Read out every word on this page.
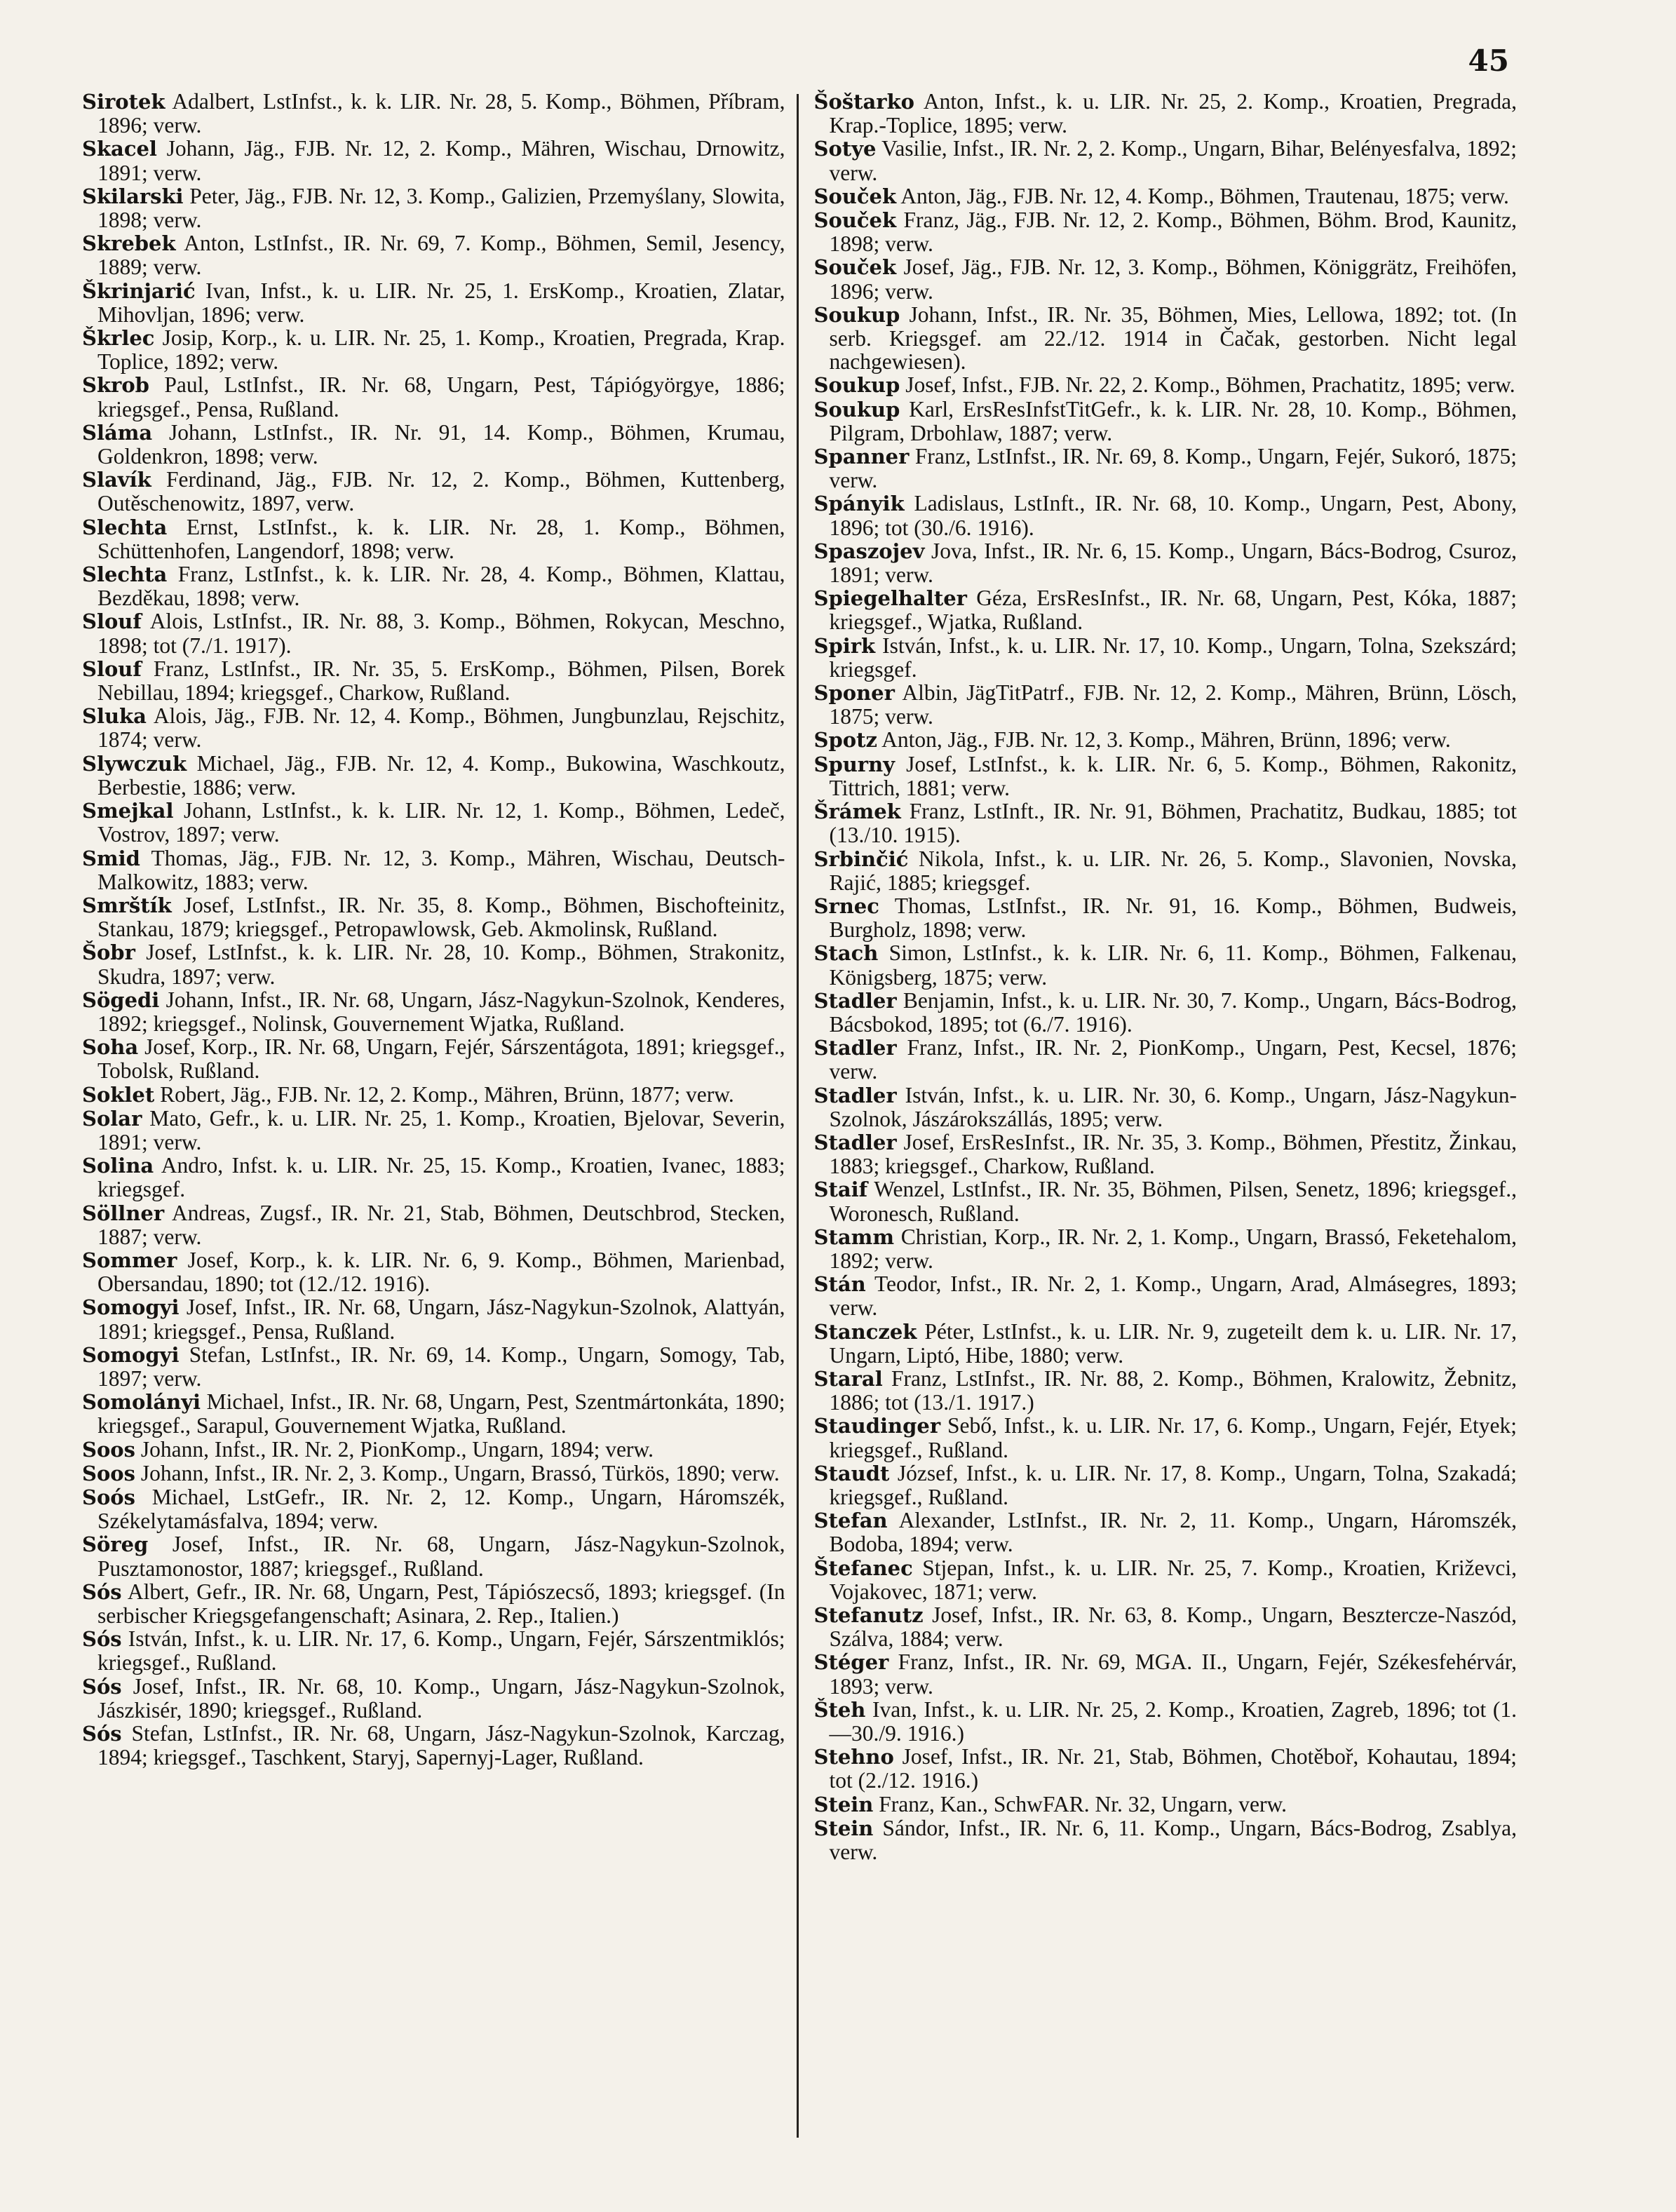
45

Sirotek Adalbert, LstInfst., k. k. LIR. Nr. 28, 5. Komp., Böhmen, Příbram, 1896; verw.

Skacel Johann, Jäg., FJB. Nr. 12, 2. Komp., Mähren, Wischau, Drnowitz, 1891; verw.

Skilarski Peter, Jäg., FJB. Nr. 12, 3. Komp., Galizien, Przemyślany, Slowita, 1898; verw.

Skrebek Anton, LstInfst., IR. Nr. 69, 7. Komp., Böhmen, Semil, Jesency, 1889; verw.

Škrinjarić Ivan, Infst., k. u. LIR. Nr. 25, 1. ErsKomp., Kroatien, Zlatar, Mihovljan, 1896; verw.

Škrlec Josip, Korp., k. u. LIR. Nr. 25, 1. Komp., Kroatien, Pregrada, Krap. Toplice, 1892; verw.

Skrob Paul, LstInfst., IR. Nr. 68, Ungarn, Pest, Tápiógyörgye, 1886; kriegsgef., Pensa, Rußland.

Sláma Johann, LstInfst., IR. Nr. 91, 14. Komp., Böhmen, Krumau, Goldenkron, 1898; verw.

Slavík Ferdinand, Jäg., FJB. Nr. 12, 2. Komp., Böhmen, Kuttenberg, Outěschenowitz, 1897, verw.

Slechta Ernst, LstInfst., k. k. LIR. Nr. 28, 1. Komp., Böhmen, Schüttenhofen, Langendorf, 1898; verw.

Slechta Franz, LstInfst., k. k. LIR. Nr. 28, 4. Komp., Böhmen, Klattau, Bezděkau, 1898; verw.

Slouf Alois, LstInfst., IR. Nr. 88, 3. Komp., Böhmen, Rokycan, Meschno, 1898; tot (7./1. 1917).

Slouf Franz, LstInfst., IR. Nr. 35, 5. ErsKomp., Böhmen, Pilsen, Borek Nebillau, 1894; kriegsgef., Charkow, Rußland.

Sluka Alois, Jäg., FJB. Nr. 12, 4. Komp., Böhmen, Jungbunzlau, Rejschitz, 1874; verw.

Slywczuk Michael, Jäg., FJB. Nr. 12, 4. Komp., Bukowina, Waschkoutz, Berbestie, 1886; verw.

Smejkal Johann, LstInfst., k. k. LIR. Nr. 12, 1. Komp., Böhmen, Ledeč, Vostrov, 1897; verw.

Smid Thomas, Jäg., FJB. Nr. 12, 3. Komp., Mähren, Wischau, Deutsch-Malkowitz, 1883; verw.

Smrštík Josef, LstInfst., IR. Nr. 35, 8. Komp., Böhmen, Bischofteinitz, Stankau, 1879; kriegsgef., Petropawlowsk, Geb. Akmolinsk, Rußland.

Šobr Josef, LstInfst., k. k. LIR. Nr. 28, 10. Komp., Böhmen, Strakonitz, Skudra, 1897; verw.

Sögedi Johann, Infst., IR. Nr. 68, Ungarn, Jász-Nagykun-Szolnok, Kenderes, 1892; kriegsgef., Nolinsk, Gouvernement Wjatka, Rußland.

Soha Josef, Korp., IR. Nr. 68, Ungarn, Fejér, Sárszentágota, 1891; kriegsgef., Tobolsk, Rußland.

Soklet Robert, Jäg., FJB. Nr. 12, 2. Komp., Mähren, Brünn, 1877; verw.

Solar Mato, Gefr., k. u. LIR. Nr. 25, 1. Komp., Kroatien, Bjelovar, Severin, 1891; verw.

Solina Andro, Infst. k. u. LIR. Nr. 25, 15. Komp., Kroatien, Ivanec, 1883; kriegsgef.

Söllner Andreas, Zugsf., IR. Nr. 21, Stab, Böhmen, Deutschbrod, Stecken, 1887; verw.

Sommer Josef, Korp., k. k. LIR. Nr. 6, 9. Komp., Böhmen, Marienbad, Obersandau, 1890; tot (12./12. 1916).

Somogyi Josef, Infst., IR. Nr. 68, Ungarn, Jász-Nagykun-Szolnok, Alattyán, 1891; kriegsgef., Pensa, Rußland.

Somogyi Stefan, LstInfst., IR. Nr. 69, 14. Komp., Ungarn, Somogy, Tab, 1897; verw.

Somolányi Michael, Infst., IR. Nr. 68, Ungarn, Pest, Szentmártonkáta, 1890; kriegsgef., Sarapul, Gouvernement Wjatka, Rußland.

Soos Johann, Infst., IR. Nr. 2, PionKomp., Ungarn, 1894; verw.

Soos Johann, Infst., IR. Nr. 2, 3. Komp., Ungarn, Brassó, Türkös, 1890; verw.

Soós Michael, LstGefr., IR. Nr. 2, 12. Komp., Ungarn, Háromszék, Székelytamásfalva, 1894; verw.

Söreg Josef, Infst., IR. Nr. 68, Ungarn, Jász-Nagykun-Szolnok, Pusztamonostor, 1887; kriegsgef., Rußland.

Sós Albert, Gefr., IR. Nr. 68, Ungarn, Pest, Tápiószecső, 1893; kriegsgef. (In serbischer Kriegsgefangenschaft; Asinara, 2. Rep., Italien.)

Sós István, Infst., k. u. LIR. Nr. 17, 6. Komp., Ungarn, Fejér, Sárszentmiklós; kriegsgef., Rußland.

Sós Josef, Infst., IR. Nr. 68, 10. Komp., Ungarn, Jász-Nagykun-Szolnok, Jászkisér, 1890; kriegsgef., Rußland.

Sós Stefan, LstInfst., IR. Nr. 68, Ungarn, Jász-Nagykun-Szolnok, Karczag, 1894; kriegsgef., Taschkent, Staryj, Sapernyj-Lager, Rußland.

Šoštarko Anton, Infst., k. u. LIR. Nr. 25, 2. Komp., Kroatien, Pregrada, Krap.-Toplice, 1895; verw.

Sotye Vasilie, Infst., IR. Nr. 2, 2. Komp., Ungarn, Bihar, Belényesfalva, 1892; verw.

Souček Anton, Jäg., FJB. Nr. 12, 4. Komp., Böhmen, Trautenau, 1875; verw.

Souček Franz, Jäg., FJB. Nr. 12, 2. Komp., Böhmen, Böhm. Brod, Kaunitz, 1898; verw.

Souček Josef, Jäg., FJB. Nr. 12, 3. Komp., Böhmen, Königgrätz, Freihöfen, 1896; verw.

Soukup Johann, Infst., IR. Nr. 35, Böhmen, Mies, Lellowa, 1892; tot. (In serb. Kriegsgef. am 22./12. 1914 in Čačak, gestorben. Nicht legal nachgewiesen).

Soukup Josef, Infst., FJB. Nr. 22, 2. Komp., Böhmen, Prachatitz, 1895; verw.

Soukup Karl, ErsResInfstTitGefr., k. k. LIR. Nr. 28, 10. Komp., Böhmen, Pilgram, Drbohlaw, 1887; verw.

Spanner Franz, LstInfst., IR. Nr. 69, 8. Komp., Ungarn, Fejér, Sukoró, 1875; verw.

Spányik Ladislaus, LstInft., IR. Nr. 68, 10. Komp., Ungarn, Pest, Abony, 1896; tot (30./6. 1916).

Spaszojev Jova, Infst., IR. Nr. 6, 15. Komp., Ungarn, Bács-Bodrog, Csuroz, 1891; verw.

Spiegelhalter Géza, ErsResInfst., IR. Nr. 68, Ungarn, Pest, Kóka, 1887; kriegsgef., Wjatka, Rußland.

Spirk István, Infst., k. u. LIR. Nr. 17, 10. Komp., Ungarn, Tolna, Szekszárd; kriegsgef.

Sponer Albin, JägTitPatrf., FJB. Nr. 12, 2. Komp., Mähren, Brünn, Lösch, 1875; verw.

Spotz Anton, Jäg., FJB. Nr. 12, 3. Komp., Mähren, Brünn, 1896; verw.

Spurny Josef, LstInfst., k. k. LIR. Nr. 6, 5. Komp., Böhmen, Rakonitz, Tittrich, 1881; verw.

Šrámek Franz, LstInft., IR. Nr. 91, Böhmen, Prachatitz, Budkau, 1885; tot (13./10. 1915).

Srbinčić Nikola, Infst., k. u. LIR. Nr. 26, 5. Komp., Slavonien, Novska, Rajić, 1885; kriegsgef.

Srnec Thomas, LstInfst., IR. Nr. 91, 16. Komp., Böhmen, Budweis, Burgholz, 1898; verw.

Stach Simon, LstInfst., k. k. LIR. Nr. 6, 11. Komp., Böhmen, Falkenau, Königsberg, 1875; verw.

Stadler Benjamin, Infst., k. u. LIR. Nr. 30, 7. Komp., Ungarn, Bács-Bodrog, Bácsbokod, 1895; tot (6./7. 1916).

Stadler Franz, Infst., IR. Nr. 2, PionKomp., Ungarn, Pest, Kecsel, 1876; verw.

Stadler István, Infst., k. u. LIR. Nr. 30, 6. Komp., Ungarn, Jász-Nagykun-Szolnok, Jászárokszállás, 1895; verw.

Stadler Josef, ErsResInfst., IR. Nr. 35, 3. Komp., Böhmen, Přestitz, Žinkau, 1883; kriegsgef., Charkow, Rußland.

Staif Wenzel, LstInfst., IR. Nr. 35, Böhmen, Pilsen, Senetz, 1896; kriegsgef., Woronesch, Rußland.

Stamm Christian, Korp., IR. Nr. 2, 1. Komp., Ungarn, Brassó, Feketehalom, 1892; verw.

Stán Teodor, Infst., IR. Nr. 2, 1. Komp., Ungarn, Arad, Almásegres, 1893; verw.

Stanczek Péter, LstInfst., k. u. LIR. Nr. 9, zugeteilt dem k. u. LIR. Nr. 17, Ungarn, Liptó, Hibe, 1880; verw.

Staral Franz, LstInfst., IR. Nr. 88, 2. Komp., Böhmen, Kralowitz, Žebnitz, 1886; tot (13./1. 1917.)

Staudinger Sebő, Infst., k. u. LIR. Nr. 17, 6. Komp., Ungarn, Fejér, Etyek; kriegsgef., Rußland.

Staudt József, Infst., k. u. LIR. Nr. 17, 8. Komp., Ungarn, Tolna, Szakadá; kriegsgef., Rußland.

Stefan Alexander, LstInfst., IR. Nr. 2, 11. Komp., Ungarn, Háromszék, Bodoba, 1894; verw.

Štefanec Stjepan, Infst., k. u. LIR. Nr. 25, 7. Komp., Kroatien, Križevci, Vojakovec, 1871; verw.

Stefanutz Josef, Infst., IR. Nr. 63, 8. Komp., Ungarn, Beszterczе-Naszód, Szálva, 1884; verw.

Stéger Franz, Infst., IR. Nr. 69, MGA. II., Ungarn, Fejér, Székesfehérvár, 1893; verw.

Šteh Ivan, Infst., k. u. LIR. Nr. 25, 2. Komp., Kroatien, Zagreb, 1896; tot (1.—30./9. 1916.)

Stehno Josef, Infst., IR. Nr. 21, Stab, Böhmen, Chotěboř, Kohautau, 1894; tot (2./12. 1916.)

Stein Franz, Kan., SchwFAR. Nr. 32, Ungarn, verw.

Stein Sándor, Infst., IR. Nr. 6, 11. Komp., Ungarn, Bács-Bodrog, Zsablya, verw.
